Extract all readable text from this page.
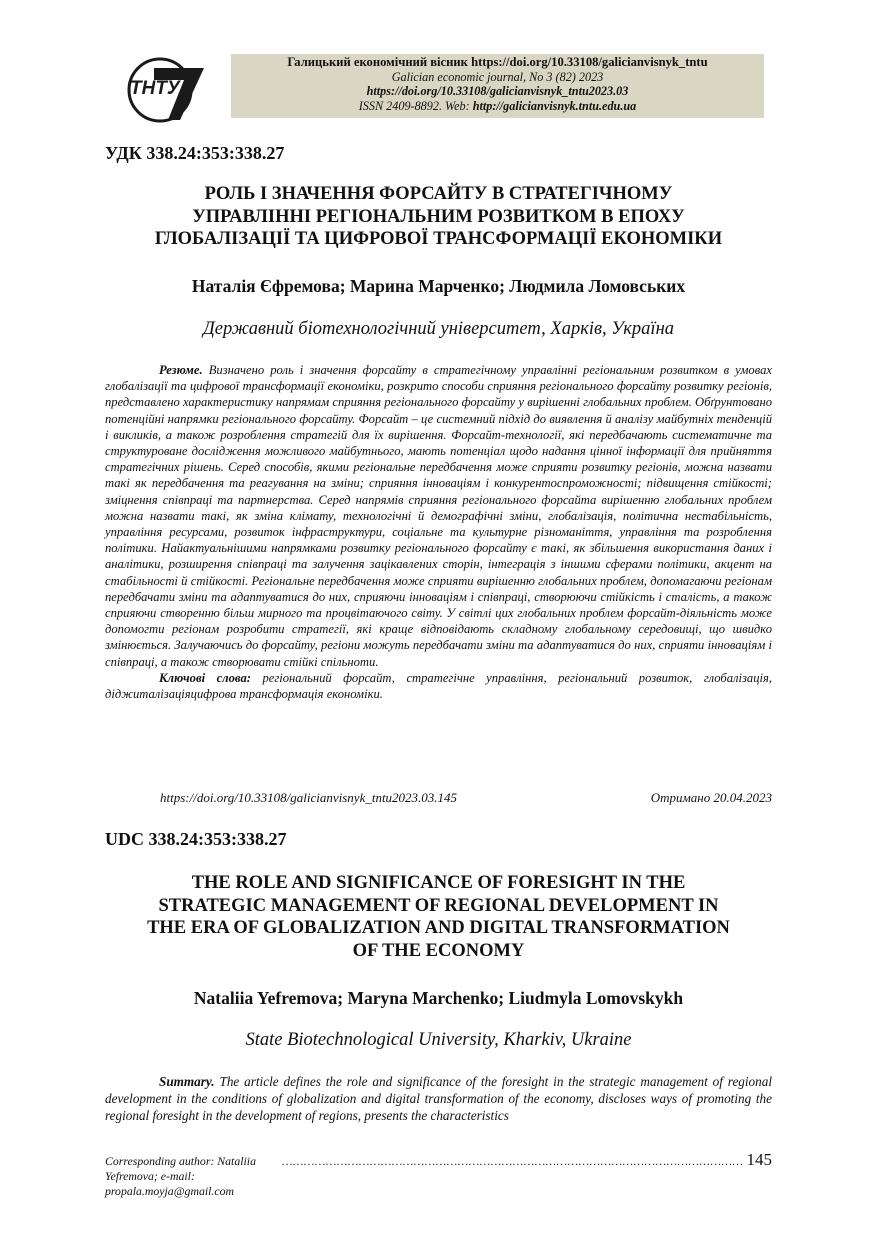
ТНТУ
Галицький економічний вісник https://doi.org/10.33108/galicianvisnyk_tntu
Galician economic journal, No 3 (82) 2023
https://doi.org/10.33108/galicianvisnyk_tntu2023.03
ISSN 2409-8892. Web: http://galicianvisnyk.tntu.edu.ua
УДК 338.24:353:338.27
РОЛЬ І ЗНАЧЕННЯ ФОРСАЙТУ В СТРАТЕГІЧНОМУ
УПРАВЛІННІ РЕГІОНАЛЬНИМ РОЗВИТКОМ В ЕПОХУ
ГЛОБАЛІЗАЦІЇ ТА ЦИФРОВОЇ ТРАНСФОРМАЦІЇ ЕКОНОМІКИ
Наталія Єфремова; Марина Марченко; Людмила Ломовських
Державний біотехнологічний університет, Харків, Україна

Резюме. Визначено роль і значення форсайту в стратегічному управлінні регіональним розвитком в умовах глобалізації та цифрової трансформації економіки, розкрито способи сприяння регіонального форсайту розвитку регіонів, представлено характеристику напрямам сприяння регіонального форсайту у вирішенні глобальних проблем. Обґрунтовано потенційні напрямки регіонального форсайту. Форсайт – це системний підхід до виявлення й аналізу майбутніх тенденцій і викликів, а також розроблення стратегій для їх вирішення. Форсайт-технології, які передбачають систематичне та структуроване дослідження можливого майбутнього, мають потенціал щодо надання цінної інформації для прийняття стратегічних рішень. Серед способів, якими регіональне передбачення може сприяти розвитку регіонів, можна назвати такі як передбачення та реагування на зміни; сприяння інноваціям і конкурентоспроможності; підвищення стійкості; зміцнення співпраці та партнерства. Серед напрямів сприяння регіонального форсайта вирішенню глобальних проблем можна назвати такі, як зміна клімату, технологічні й демографічні зміни, глобалізація, політична нестабільність, управління ресурсами, розвиток інфраструктури, соціальне та культурне різноманіття, управління та розроблення політики. Найактуальнішими напрямками розвитку регіонального форсайту є такі, як збільшення використання даних і аналітики, розширення співпраці та залучення зацікавлених сторін, інтеграція з іншими сферами політики, акцент на стабільності й стійкості. Регіональне передбачення може сприяти вирішенню глобальних проблем, допомагаючи регіонам передбачати зміни та адаптуватися до них, сприяючи інноваціям і співпраці, створюючи стійкість і сталість, а також сприяючи створенню більш мирного та процвітаючого світу. У світлі цих глобальних проблем форсайт-діяльність може допомогти регіонам розробити стратегії, які краще відповідають складному глобальному середовищі, що швидко змінюється. Залучаючись до форсайту, регіони можуть передбачати зміни та адаптуватися до них, сприяти інноваціям і співпраці, а також створювати стійкі спільноти.

Ключові слова: регіональний форсайт, стратегічне управління, регіональний розвиток, глобалізація, діджиталізаціяцифрова трансформація економіки.

https://doi.org/10.33108/galicianvisnyk_tntu2023.03.145	Отримано 20.04.2023
UDC 338.24:353:338.27
THE ROLE AND SIGNIFICANCE OF FORESIGHT IN THE
STRATEGIC MANAGEMENT OF REGIONAL DEVELOPMENT IN
THE ERA OF GLOBALIZATION AND DIGITAL TRANSFORMATION
OF THE ECONOMY
Nataliia Yefremova; Maryna Marchenko; Liudmyla Lomovskykh
State Biotechnological University, Kharkiv, Ukraine

Summary. The article defines the role and significance of the foresight in the strategic management of regional development in the conditions of globalization and digital transformation of the economy, discloses ways of promoting the regional foresight in the development of regions, presents the characteristics

Corresponding author: Nataliia Yefremova; e-mail: propala.moyja@gmail.com
……………………………………………………………………………………………………………… 145
